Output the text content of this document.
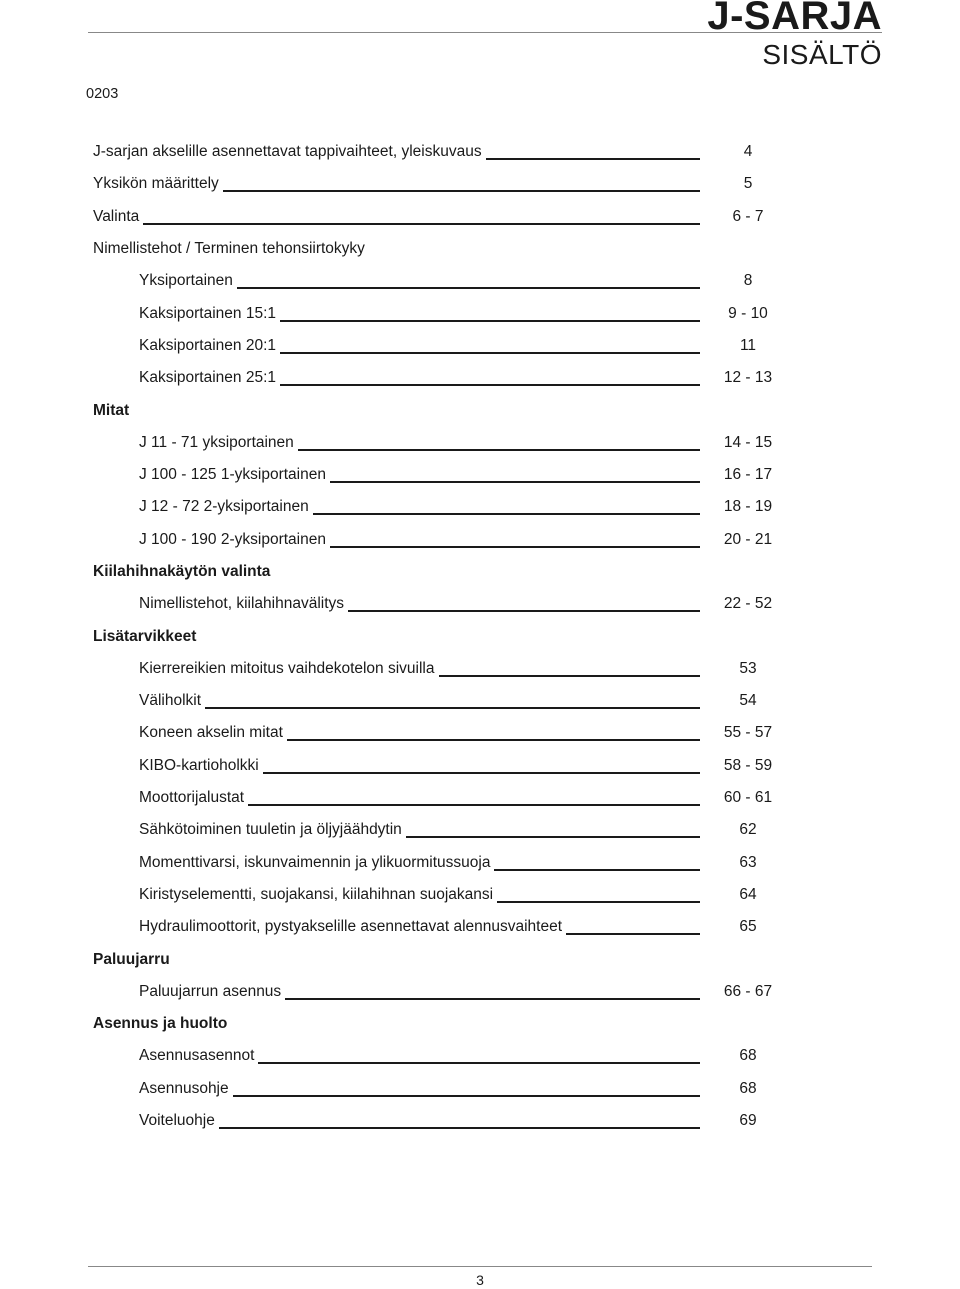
J-SARJA
SISÄLTÖ
0203
J-sarjan akselille asennettavat tappivaihteet, yleiskuvaus	4
Yksikön määrittely	5
Valinta	6 - 7
Nimellistehot / Terminen tehonsiirtokyky
Yksiportainen	8
Kaksiportainen 15:1	9 - 10
Kaksiportainen 20:1	11
Kaksiportainen 25:1	12 - 13
Mitat
J 11 - 71 yksiportainen	14 - 15
J 100 - 125 1-yksiportainen	16 - 17
J 12 - 72 2-yksiportainen	18 - 19
J 100 - 190 2-yksiportainen	20 - 21
Kiilahihnakäytön valinta
Nimellistehot, kiilahihnavälitys	22 - 52
Lisätarvikkeet
Kierrereikien mitoitus vaihdekotelon sivuilla	53
Väliholkit	54
Koneen akselin mitat	55 - 57
KIBO-kartioholkki	58 - 59
Moottorijalustat	60 - 61
Sähkötoiminen tuuletin ja öljyjäähdytin	62
Momenttivarsi, iskunvaimennin ja ylikuormitussuoja	63
Kiristyselementti, suojakansi, kiilahihnan suojakansi	64
Hydraulimoottorit, pystyakselille asennettavat alennusvaihteet	65
Paluujarru
Paluujarrun asennus	66 - 67
Asennus ja huolto
Asennusasennot	68
Asennusohje	68
Voiteluohje	69
3
